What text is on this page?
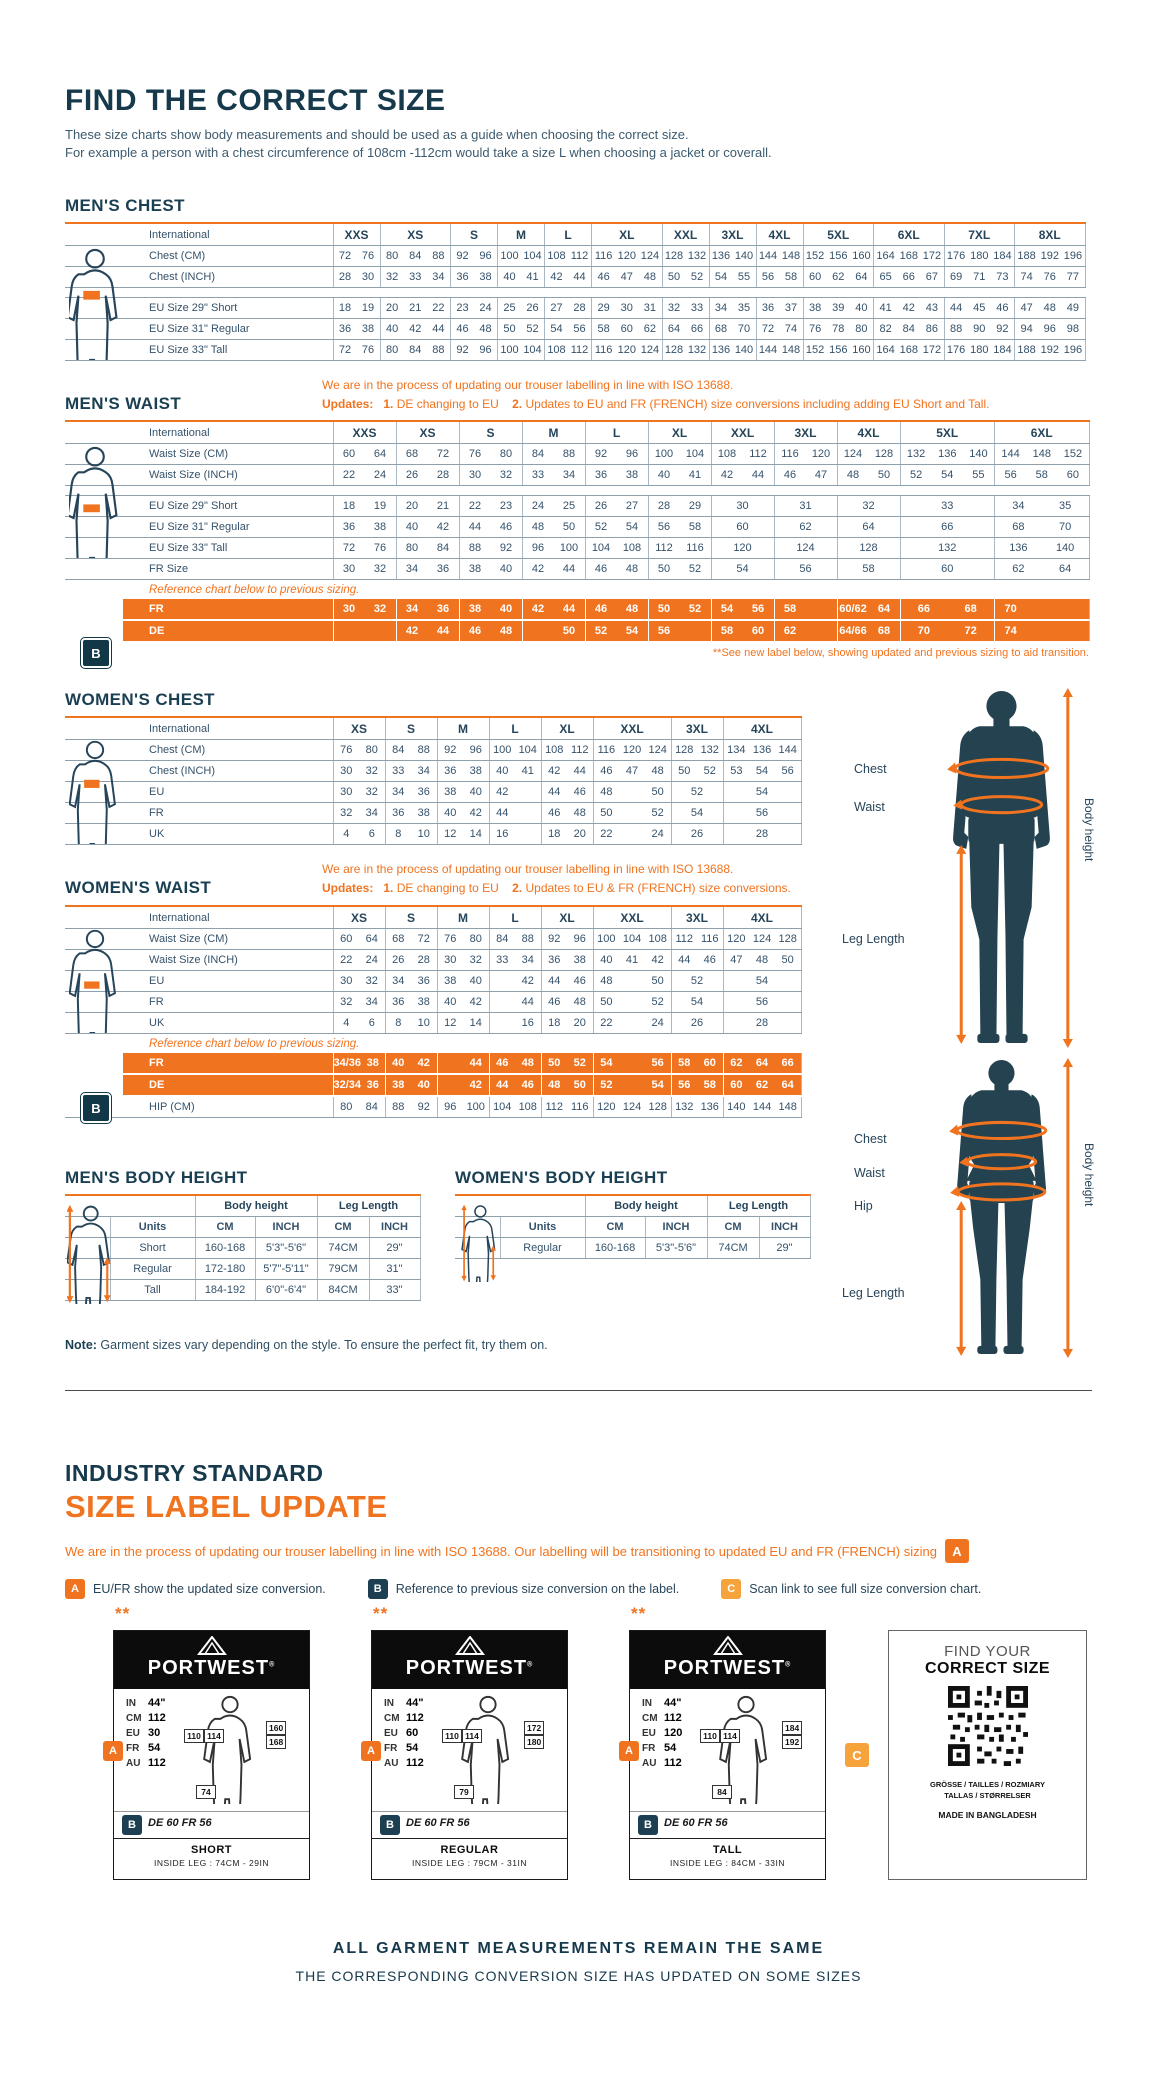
FIND THE CORRECT SIZE

These size charts show body measurements and should be used as a guide when choosing the correct size.
For example a person with a chest circumference of 108cm -112cm would take a size L when choosing a jacket or coverall.

MEN'S CHEST
	International	XXS	XS	S	M	L	XL	XXL	3XL	4XL	5XL	6XL	7XL	8XL
	Chest (CM)	72 76	80 84 88	92 96	100 104	108 112	116 120 124	128 132	136 140	144 148	152 156 160	164 168 172	176 180 184	188 192 196

	Chest (INCH)	28 30	32 33 34	36 38	40 41	42 44	46 47 48	50 52	54 55	56 58	60 62 64	65 66 67	69 71 73	74 76 77

	EU Size 29" Short	18 19	20 21 22	23 24	25 26	27 28	29 30 31	32 33	34 35	36 37	38 39 40	41 42 43	44 45 46	47 48 49

	EU Size 31" Regular	36 38	40 42 44	46 48	50 52	54 56	58 60 62	64 66	68 70	72 74	76 78 80	82 84 86	88 90 92	94 96 98

	EU Size 33" Tall	72 76	80 84 88	92 96	100 104	108 112	116 120 124	128 132	136 140	144 148	152 156 160	164 168 172	176 180 184	188 192 196
We are in the process of updating our trouser labelling in line with ISO 13688.
MEN'S WAIST	Updates: 1. DE changing to EU 2. Updates to EU and FR (FRENCH) size conversions including adding EU Short and Tall.

B
	International	XXS	XS	S	M	L	XL	XXL	3XL	4XL	5XL	6XL
	Waist Size (CM)	60 64	68 72	76 80	84 88	92 96	100 104	108 112	116 120	124 128	132 136 140	144 148 152

	Waist Size (INCH)	22 24	26 28	30 32	33 34	36 38	40 41	42 44	46 47	48 50	52 54 55	56 58 60

	EU Size 29" Short	18 19	20 21	22 23	24 25	26 27	28 29	30	31	32	33	34 35

	EU Size 31" Regular	36 38	40 42	44 46	48 50	52 54	56 58	60	62	64	66	68 70

	EU Size 33" Tall	72 76	80 84	88 92	96 100	104 108	112 116	120	124	128	132	136 140

	FR Size	30 32	34 36	38 40	42 44	46 48	50 52	54	56	58	60	62 64

Reference chart below to previous sizing.												
	FR	30 32	34 36	38 40	42 44	46 48	50 52	54 56	58	60/62 64	66 68	70

	DE		42 44	46 48	50	52 54	56	58 60	62	64/66 68	70 72	74

**See new label below, showing updated and previous sizing to aid transition.												
WOMEN'S CHEST
	International	XS	S	M	L	XL	XXL	3XL	4XL
	Chest (CM)	76 80	84 88	92 96	100 104	108 112	116 120 124	128 132	134 136 144

	Chest (INCH)	30 32	33 34	36 38	40 41	42 44	46 47 48	50 52	53 54 56

	EU	30 32	34 36	38 40	42	44 46	48 50	52	54

	FR	32 34	36 38	40 42	44	46 48	50 52	54	56

	UK	4 6	8 10	12 14	16	18 20	22 24	26	28
We are in the process of updating our trouser labelling in line with ISO 13688.
WOMEN'S WAIST	Updates: 1. DE changing to EU 2. Updates to EU & FR (FRENCH) size conversions.

B
	International	XS	S	M	L	XL	XXL	3XL	4XL
	Waist Size (CM)	60 64	68 72	76 80	84 88	92 96	100 104 108	112 116	120 124 128

	Waist Size (INCH)	22 24	26 28	30 32	33 34	36 38	40 41 42	44 46	47 48 50

	EU	30 32	34 36	38 40	42	44 46	48 50	52	54

	FR	32 34	36 38	40 42	44	46 48	50 52	54	56

	UK	4 6	8 10	12 14	16	18 20	22 24	26	28

Reference chart below to previous sizing.									
	FR	34/36 38	40 42	44	46 48	50 52	54 56	58 60	62 64 66

	DE	32/34 36	38 40	42	44 46	48 50	52 54	56 58	60 62 64

	HIP (CM)	80 84	88 92	96 100	104 108	112 116	120 124 128	132 136	140 144 148
Chest
Waist
Leg Length
Body height
Chest
Waist
Hip
Leg Length
Body height
MEN'S BODY HEIGHT
		Body height		Leg Length	
	Units	CM	INCH	CM	INCH
	Short	160-168	5'3"-5'6"	74CM	29"
	Regular	172-180	5'7"-5'11"	79CM	31"
	Tall	184-192	6'0"-6'4"	84CM	33"
WOMEN'S BODY HEIGHT
		Body height		Leg Length	
	Units	CM	INCH	CM	INCH
	Regular	160-168	5'3"-5'6"	74CM	29"

Note: Garment sizes vary depending on the style. To ensure the perfect fit, try them on.

INDUSTRY STANDARD
SIZE LABEL UPDATE

We are in the process of updating our trouser labelling in line with ISO 13688. Our labelling will be transitioning to updated EU and FR (FRENCH) sizing	A

A	EU/FR show the updated size conversion.	B	Reference to previous size conversion on the label.	C	Scan link to see full size conversion chart.
**
PORTWEST®
IN 44"
CM 112
EU 30
FR 54
AU 112
A
110 114
160
168
74
B	DE 60 FR 56
SHORT
INSIDE LEG : 74CM - 29IN
**
PORTWEST®
IN 44"
CM 112
EU 60
FR 54
AU 112
A
110 114
172
180
79
B	DE 60 FR 56
REGULAR
INSIDE LEG : 79CM - 31IN
**
PORTWEST®
IN 44"
CM 112
EU 120
FR 54
AU 112
A
110 114
184
192
84
B	DE 60 FR 56
TALL
INSIDE LEG : 84CM - 33IN
FIND YOUR
CORRECT SIZE
GRÖSSE / TAILLES / ROZMIARY
TALLAS / STØRRELSER
MADE IN BANGLADESH
C
ALL GARMENT MEASUREMENTS REMAIN THE SAME
THE CORRESPONDING CONVERSION SIZE HAS UPDATED ON SOME SIZES
